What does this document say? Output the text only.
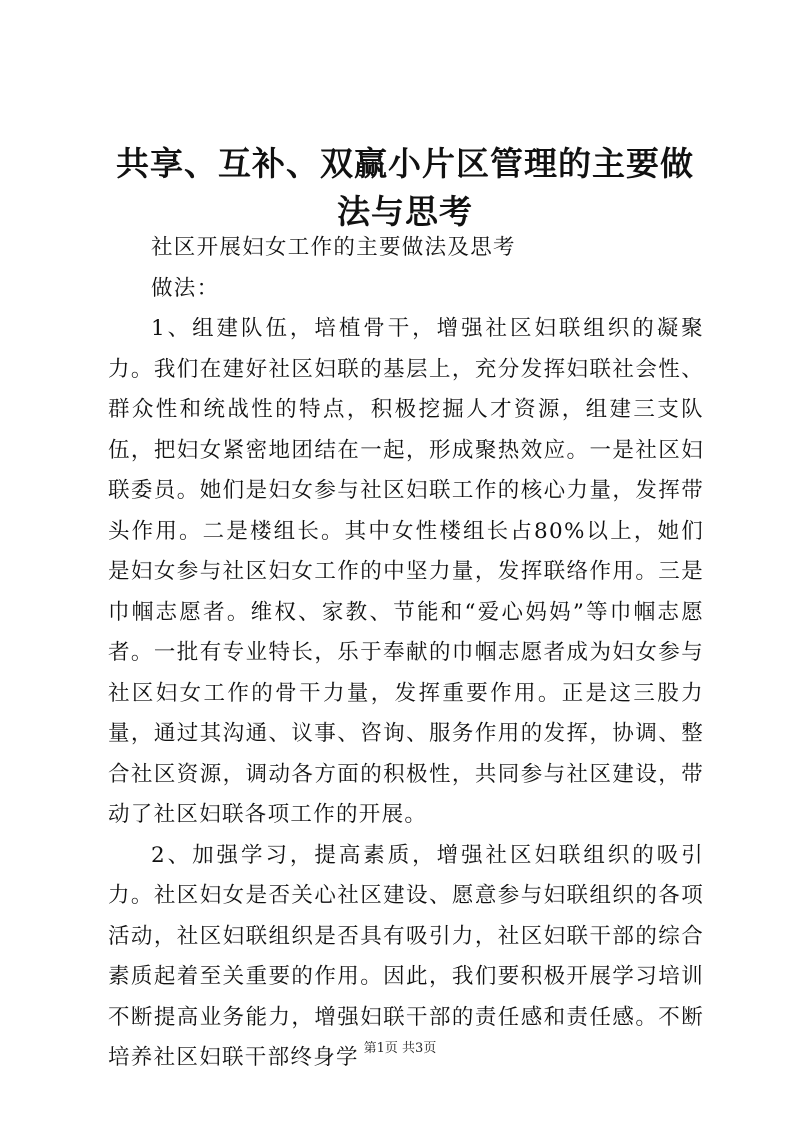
共享、互补、双赢小片区管理的主要做法与思考

社区开展妇女工作的主要做法及思考

做法：

1、组建队伍，培植骨干，增强社区妇联组织的凝聚力。我们在建好社区妇联的基层上，充分发挥妇联社会性、群众性和统战性的特点，积极挖掘人才资源，组建三支队伍，把妇女紧密地团结在一起，形成聚热效应。一是社区妇联委员。她们是妇女参与社区妇联工作的核心力量，发挥带头作用。二是楼组长。其中女性楼组长占80%以上，她们是妇女参与社区妇女工作的中坚力量，发挥联络作用。三是巾帼志愿者。维权、家教、节能和“爱心妈妈”等巾帼志愿者。一批有专业特长，乐于奉献的巾帼志愿者成为妇女参与社区妇女工作的骨干力量，发挥重要作用。正是这三股力量，通过其沟通、议事、咨询、服务作用的发挥，协调、整合社区资源，调动各方面的积极性，共同参与社区建设，带动了社区妇联各项工作的开展。

2、加强学习，提高素质，增强社区妇联组织的吸引力。社区妇女是否关心社区建设、愿意参与妇联组织的各项活动，社区妇联组织是否具有吸引力，社区妇联干部的综合素质起着至关重要的作用。因此，我们要积极开展学习培训不断提高业务能力，增强妇联干部的责任感和责任感。不断培养社区妇联干部终身学 第1页 共3页
